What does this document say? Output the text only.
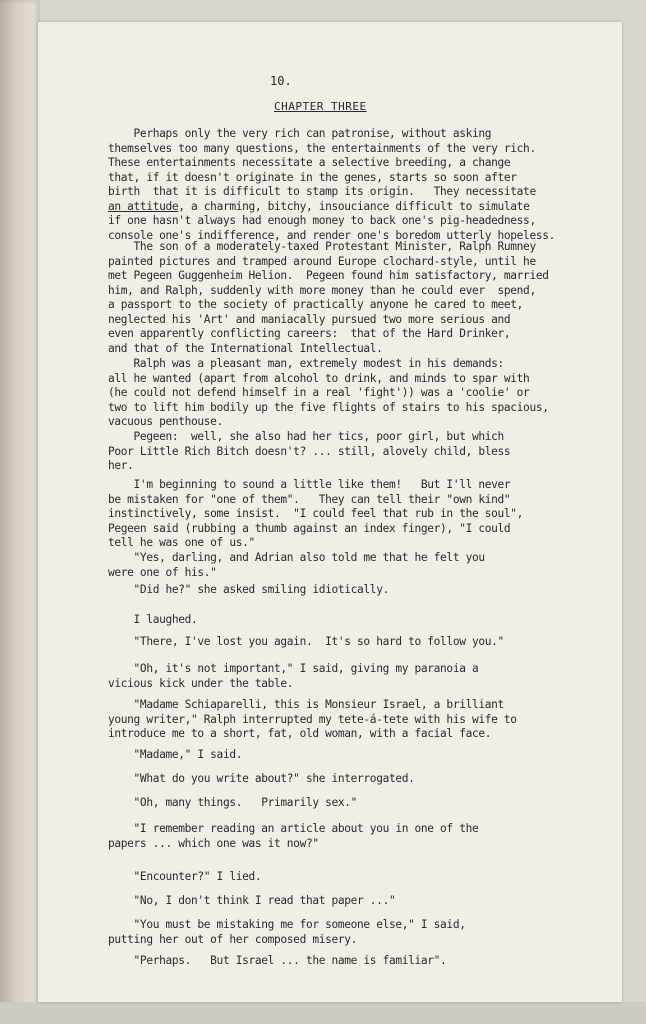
10.
CHAPTER THREE

Perhaps only the very rich can patronise, without asking
themselves too many questions, the entertainments of the very rich.
These entertainments necessitate a selective breeding, a change
that, if it doesn't originate in the genes, starts so soon after
birth  that it is difficult to stamp its origin.   They necessitate
an attitude, a charming, bitchy, insouciance difficult to simulate
if one hasn't always had enough money to back one's pig-headedness,
console one's indifference, and render one's boredom utterly hopeless.

The son of a moderately-taxed Protestant Minister, Ralph Rumney
painted pictures and tramped around Europe clochard-style, until he
met Pegeen Guggenheim Helion.  Pegeen found him satisfactory, married
him, and Ralph, suddenly with more money than he could ever  spend,
a passport to the society of practically anyone he cared to meet,
neglected his 'Art' and maniacally pursued two more serious and
even apparently conflicting careers:  that of the Hard Drinker,
and that of the International Intellectual.

Ralph was a pleasant man, extremely modest in his demands:
all he wanted (apart from alcohol to drink, and minds to spar with
(he could not defend himself in a real 'fight')) was a 'coolie' or
two to lift him bodily up the five flights of stairs to his spacious,
vacuous penthouse.

Pegeen:  well, she also had her tics, poor girl, but which
Poor Little Rich Bitch doesn't? ... still, alovely child, bless
her.

I'm beginning to sound a little like them!   But I'll never
be mistaken for "one of them".   They can tell their "own kind"
instinctively, some insist.  "I could feel that rub in the soul",
Pegeen said (rubbing a thumb against an index finger), "I could
tell he was one of us."

"Yes, darling, and Adrian also told me that he felt you
were one of his."

"Did he?" she asked smiling idiotically.

I laughed.

"There, I've lost you again.  It's so hard to follow you."

"Oh, it's not important," I said, giving my paranoia a
vicious kick under the table.

"Madame Schiaparelli, this is Monsieur Israel, a brilliant
young writer," Ralph interrupted my tete-á-tete with his wife to
introduce me to a short, fat, old woman, with a facial face.

"Madame," I said.

"What do you write about?" she interrogated.

"Oh, many things.   Primarily sex."

"I remember reading an article about you in one of the
papers ... which one was it now?"

"Encounter?" I lied.

"No, I don't think I read that paper ..."

"You must be mistaking me for someone else," I said,
putting her out of her composed misery.

"Perhaps.   But Israel ... the name is familiar".
